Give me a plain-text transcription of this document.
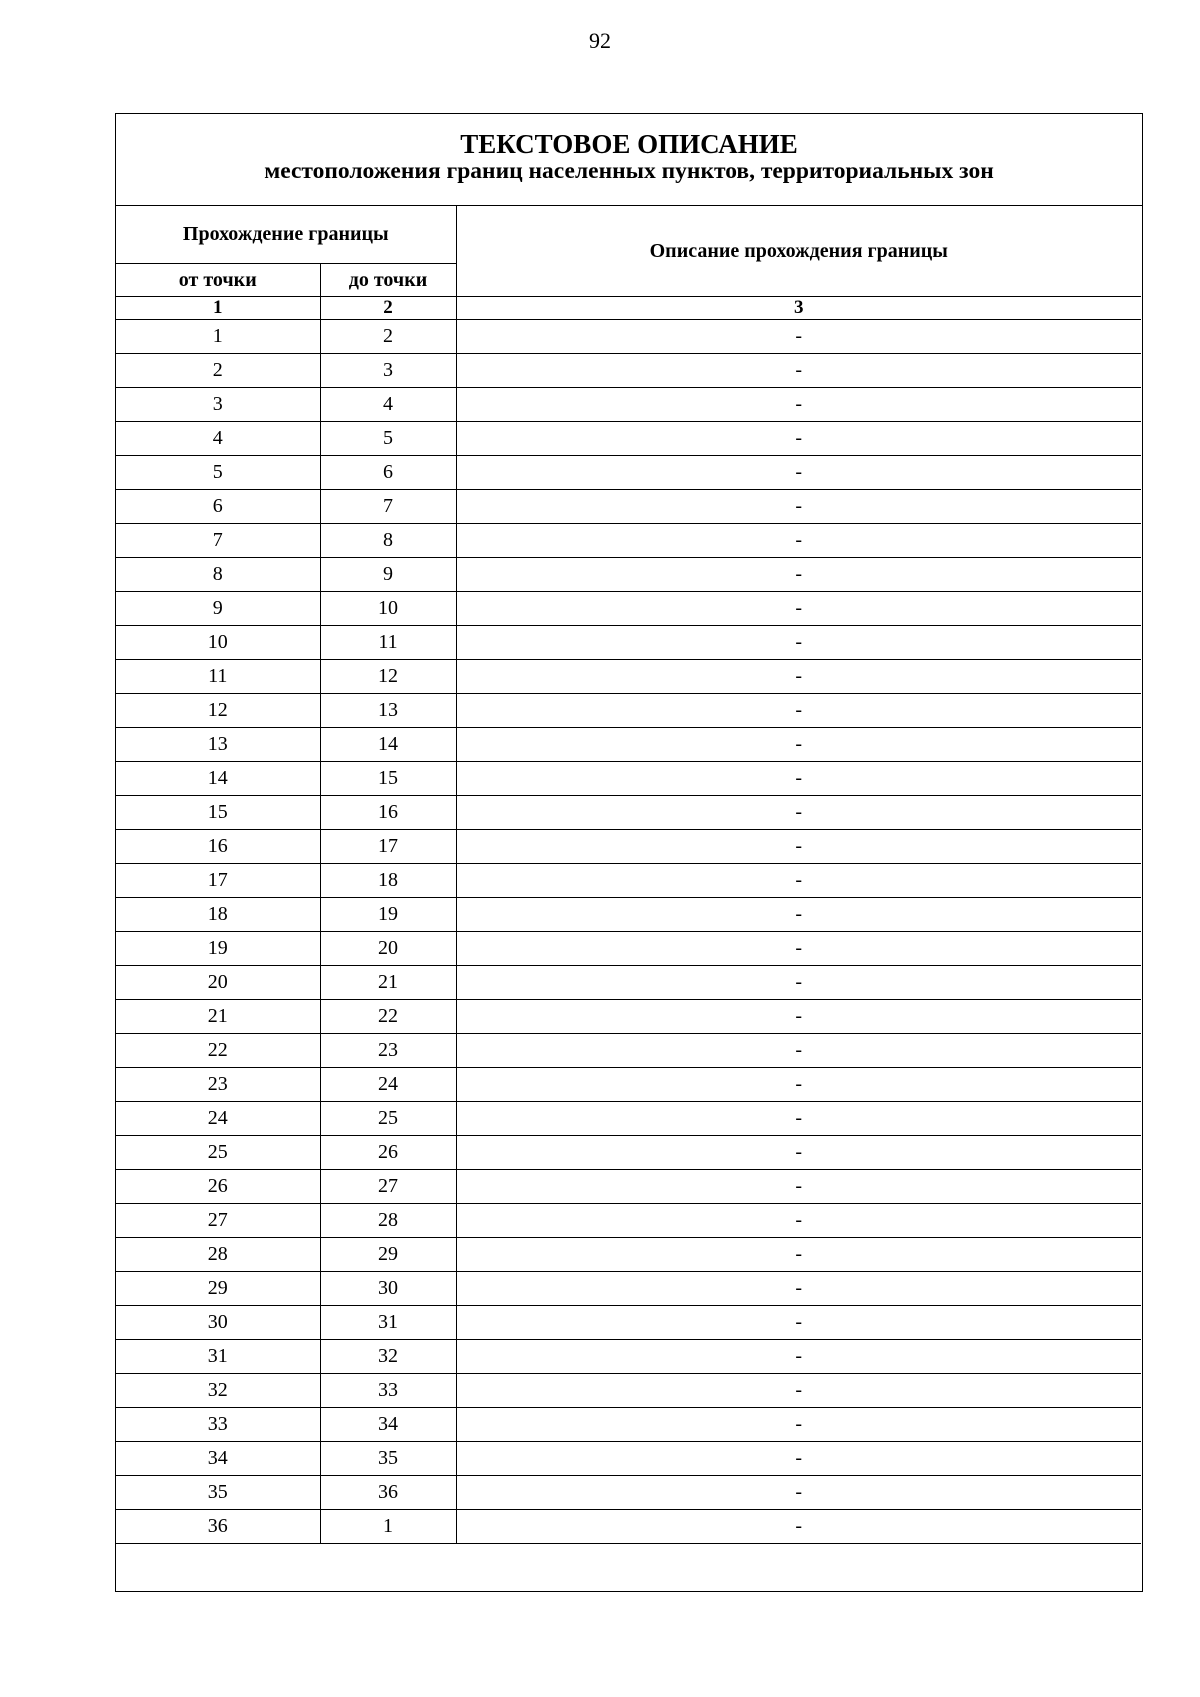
92
ТЕКСТОВОЕ ОПИСАНИЕ
местоположения границ населенных пунктов, территориальных зон
Прохождение границы		Описание прохождения границы
от точки	до точки	
1	2	3
1	2	-
2	3	-
3	4	-
4	5	-
5	6	-
6	7	-
7	8	-
8	9	-
9	10	-
10	11	-
11	12	-
12	13	-
13	14	-
14	15	-
15	16	-
16	17	-
17	18	-
18	19	-
19	20	-
20	21	-
21	22	-
22	23	-
23	24	-
24	25	-
25	26	-
26	27	-
27	28	-
28	29	-
29	30	-
30	31	-
31	32	-
32	33	-
33	34	-
34	35	-
35	36	-
36	1	-
